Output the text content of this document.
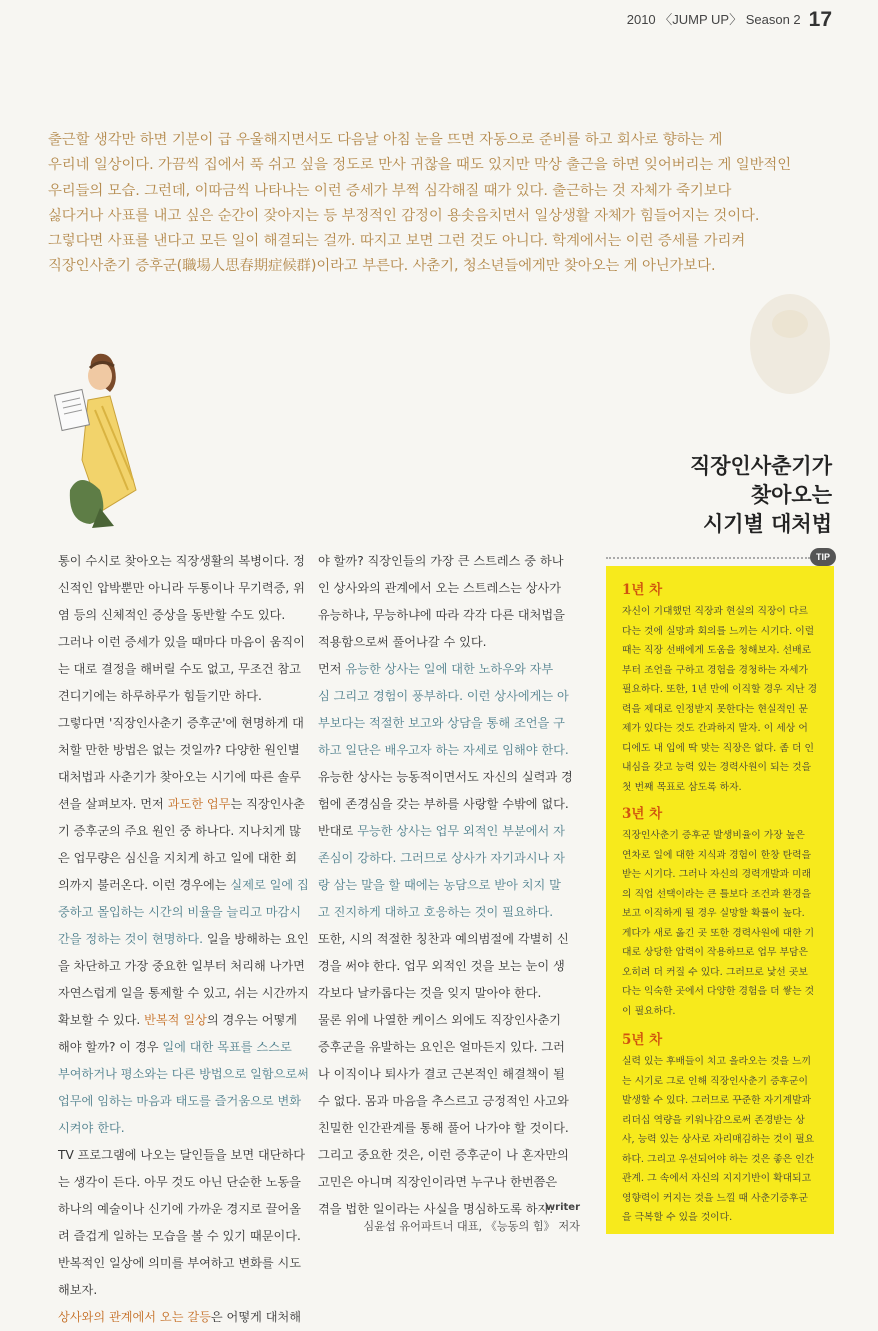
2010 〈JUMP UP〉 Season 2 17

출근할 생각만 하면 기분이 급 우울해지면서도 다음날 아침 눈을 뜨면 자동으로 준비를 하고 회사로 향하는 게

우리네 일상이다. 가끔씩 집에서 푹 쉬고 싶을 정도로 만사 귀찮을 때도 있지만 막상 출근을 하면 잊어버리는 게 일반적인

우리들의 모습. 그런데, 이따금씩 나타나는 이런 증세가 부쩍 심각해질 때가 있다. 출근하는 것 자체가 죽기보다

싫다거나 사표를 내고 싶은 순간이 잦아지는 등 부정적인 감정이 용솟음치면서 일상생활 자체가 힘들어지는 것이다.

그렇다면 사표를 낸다고 모든 일이 해결되는 걸까. 따지고 보면 그런 것도 아니다. 학계에서는 이런 증세를 가리켜

직장인사춘기 증후군(職場人思春期症候群)이라고 부른다. 사춘기, 청소년들에게만 찾아오는 게 아닌가보다.

직장인사춘기가

찾아오는

시기별 대처법

통이 수시로 찾아오는 직장생활의 복병이다. 정

신적인 압박뿐만 아니라 두통이나 무기력증, 위

염 등의 신체적인 증상을 동반할 수도 있다.

그러나 이런 증세가 있을 때마다 마음이 움직이

는 대로 결정을 해버릴 수도 없고, 무조건 참고

견디기에는 하루하루가 힘들기만 하다.

그렇다면 '직장인사춘기 증후군'에 현명하게 대

처할 만한 방법은 없는 것일까? 다양한 원인별

대처법과 사춘기가 찾아오는 시기에 따른 솔루

션을 살펴보자. 먼저 과도한 업무는 직장인사춘

기 증후군의 주요 원인 중 하나다. 지나치게 많

은 업무량은 심신을 지치게 하고 일에 대한 회

의까지 불러온다. 이런 경우에는 실제로 일에 집

중하고 몰입하는 시간의 비율을 늘리고 마감시

간을 정하는 것이 현명하다. 일을 방해하는 요인

을 차단하고 가장 중요한 일부터 처리해 나가면

자연스럽게 일을 통제할 수 있고, 쉬는 시간까지

확보할 수 있다. 반복적 일상의 경우는 어떻게

해야 할까? 이 경우 일에 대한 목표를 스스로

부여하거나 평소와는 다른 방법으로 일함으로써

업무에 임하는 마음과 태도를 즐거움으로 변화

시켜야 한다.

TV 프로그램에 나오는 달인들을 보면 대단하다

는 생각이 든다. 아무 것도 아닌 단순한 노동을

하나의 예술이나 신기에 가까운 경지로 끌어올

려 즐겁게 일하는 모습을 볼 수 있기 때문이다.

반복적인 일상에 의미를 부여하고 변화를 시도

해보자.

상사와의 관계에서 오는 갈등은 어떻게 대처해

야 할까? 직장인들의 가장 큰 스트레스 중 하나

인 상사와의 관계에서 오는 스트레스는 상사가

유능하냐, 무능하냐에 따라 각각 다른 대처법을

적용함으로써 풀어나갈 수 있다.

먼저 유능한 상사는 일에 대한 노하우와 자부

심 그리고 경험이 풍부하다. 이런 상사에게는 아

부보다는 적절한 보고와 상담을 통해 조언을 구

하고 일단은 배우고자 하는 자세로 임해야 한다.

유능한 상사는 능동적이면서도 자신의 실력과 경

험에 존경심을 갖는 부하를 사랑할 수밖에 없다.

반대로 무능한 상사는 업무 외적인 부분에서 자

존심이 강하다. 그러므로 상사가 자기과시나 자

랑 삼는 말을 할 때에는 농담으로 받아 치지 말

고 진지하게 대하고 호응하는 것이 필요하다.

또한, 시의 적절한 칭찬과 예의범절에 각별히 신

경을 써야 한다. 업무 외적인 것을 보는 눈이 생

각보다 날카롭다는 것을 잊지 말아야 한다.

물론 위에 나열한 케이스 외에도 직장인사춘기

증후군을 유발하는 요인은 얼마든지 있다. 그러

나 이직이나 퇴사가 결코 근본적인 해결책이 될

수 없다. 몸과 마음을 추스르고 긍정적인 사고와

친밀한 인간관계를 통해 풀어 나가야 할 것이다.

그리고 중요한 것은, 이런 증후군이 나 혼자만의

고민은 아니며 직장인이라면 누구나 한번쯤은

겪을 법한 일이라는 사실을 명심하도록 하자.

writer
심윤섭 유어파트너 대표, 《능동의 힘》 저자
TIP
1년 차

자신이 기대했던 직장과 현실의 직장이 다르

다는 것에 실망과 회의를 느끼는 시기다. 이럴

때는 직장 선배에게 도움을 청해보자. 선배로

부터 조언을 구하고 경험을 경청하는 자세가

필요하다. 또한, 1년 만에 이직할 경우 지난 경

력을 제대로 인정받지 못한다는 현실적인 문

제가 있다는 것도 간과하지 말자. 이 세상 어

디에도 내 입에 딱 맞는 직장은 없다. 좀 더 인

내심을 갖고 능력 있는 경력사원이 되는 것을

첫 번째 목표로 삼도록 하자.

3년 차

직장인사춘기 증후군 발생비율이 가장 높은

연차로 일에 대한 지식과 경험이 한창 탄력을

받는 시기다. 그러나 자신의 경력개발과 미래

의 직업 선택이라는 큰 틀보다 조건과 환경을

보고 이직하게 될 경우 실망할 확률이 높다.

게다가 새로 옮긴 곳 또한 경력사원에 대한 기

대로 상당한 압력이 작용하므로 업무 부담은

오히려 더 커질 수 있다. 그러므로 낯선 곳보

다는 익숙한 곳에서 다양한 경험을 더 쌓는 것

이 필요하다.

5년 차

실력 있는 후배들이 치고 올라오는 것을 느끼

는 시기로 그로 인해 직장인사춘기 증후군이

발생할 수 있다. 그러므로 꾸준한 자기계발과

리더십 역량을 키워나감으로써 존경받는 상

사, 능력 있는 상사로 자리매김하는 것이 필요

하다. 그리고 우선되어야 하는 것은 좋은 인간

관계. 그 속에서 자신의 지지기반이 확대되고

영향력이 커지는 것을 느낄 때 사춘기증후군

을 극복할 수 있을 것이다.
